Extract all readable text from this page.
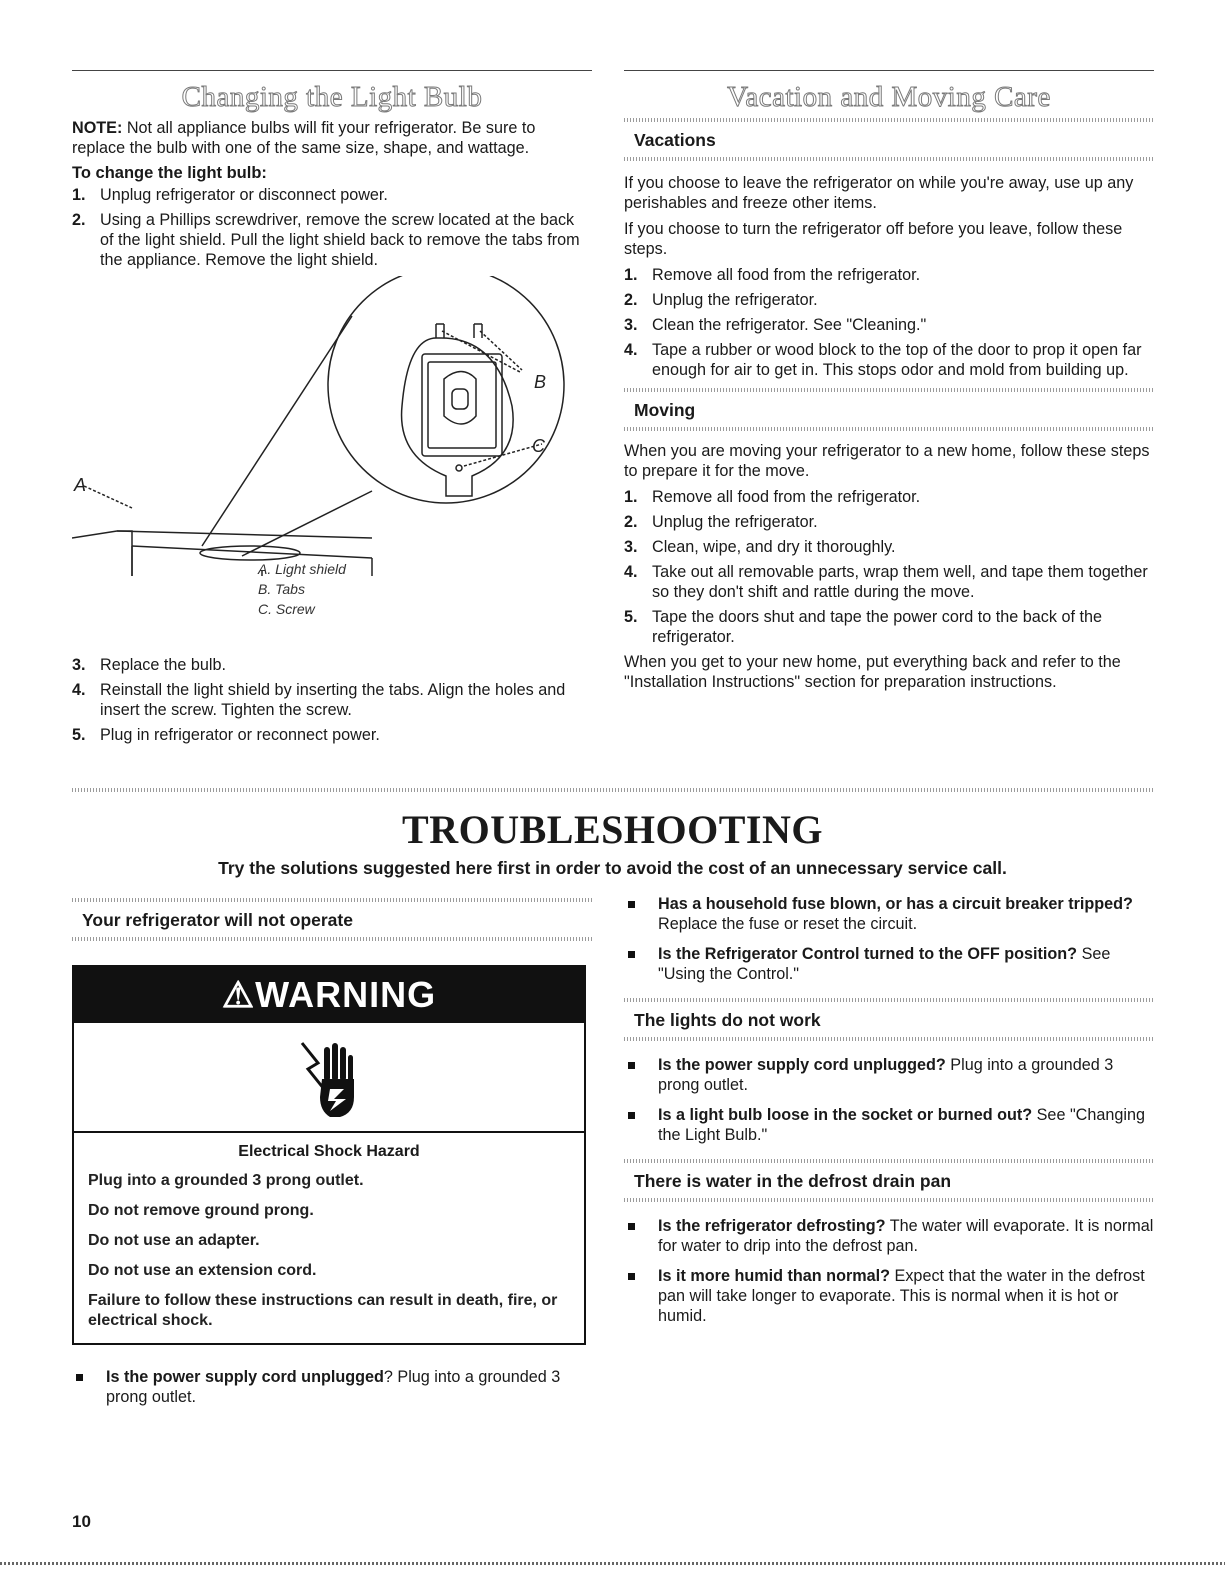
Changing the Light Bulb

NOTE: Not all appliance bulbs will fit your refrigerator. Be sure to replace the bulb with one of the same size, shape, and wattage.

To change the light bulb:
1. Unplug refrigerator or disconnect power.
2. Using a Phillips screwdriver, remove the screw located at the back of the light shield. Pull the light shield back to remove the tabs from the appliance. Remove the light shield.
B
C
A
A. Light shield
B. Tabs
C. Screw
3. Replace the bulb.
4. Reinstall the light shield by inserting the tabs. Align the holes and insert the screw. Tighten the screw.
5. Plug in refrigerator or reconnect power.
Vacation and Moving Care
Vacations

If you choose to leave the refrigerator on while you're away, use up any perishables and freeze other items.

If you choose to turn the refrigerator off before you leave, follow these steps.

1. Remove all food from the refrigerator.
2. Unplug the refrigerator.
3. Clean the refrigerator. See "Cleaning."
4. Tape a rubber or wood block to the top of the door to prop it open far enough for air to get in. This stops odor and mold from building up.
Moving

When you are moving your refrigerator to a new home, follow these steps to prepare it for the move.

1. Remove all food from the refrigerator.
2. Unplug the refrigerator.
3. Clean, wipe, and dry it thoroughly.
4. Take out all removable parts, wrap them well, and tape them together so they don't shift and rattle during the move.
5. Tape the doors shut and tape the power cord to the back of the refrigerator.

When you get to your new home, put everything back and refer to the "Installation Instructions" section for preparation instructions.

TROUBLESHOOTING
Try the solutions suggested here first in order to avoid the cost of an unnecessary service call.
Your refrigerator will not operate
⚠WARNING
Electrical Shock Hazard

Plug into a grounded 3 prong outlet.

Do not remove ground prong.

Do not use an adapter.

Do not use an extension cord.

Failure to follow these instructions can result in death, fire, or electrical shock.

Is the power supply cord unplugged? Plug into a grounded 3 prong outlet.
Has a household fuse blown, or has a circuit breaker tripped? Replace the fuse or reset the circuit.
Is the Refrigerator Control turned to the OFF position? See "Using the Control."
The lights do not work
Is the power supply cord unplugged? Plug into a grounded 3 prong outlet.
Is a light bulb loose in the socket or burned out? See "Changing the Light Bulb."
There is water in the defrost drain pan
Is the refrigerator defrosting? The water will evaporate. It is normal for water to drip into the defrost pan.
Is it more humid than normal? Expect that the water in the defrost pan will take longer to evaporate. This is normal when it is hot or humid.
10
